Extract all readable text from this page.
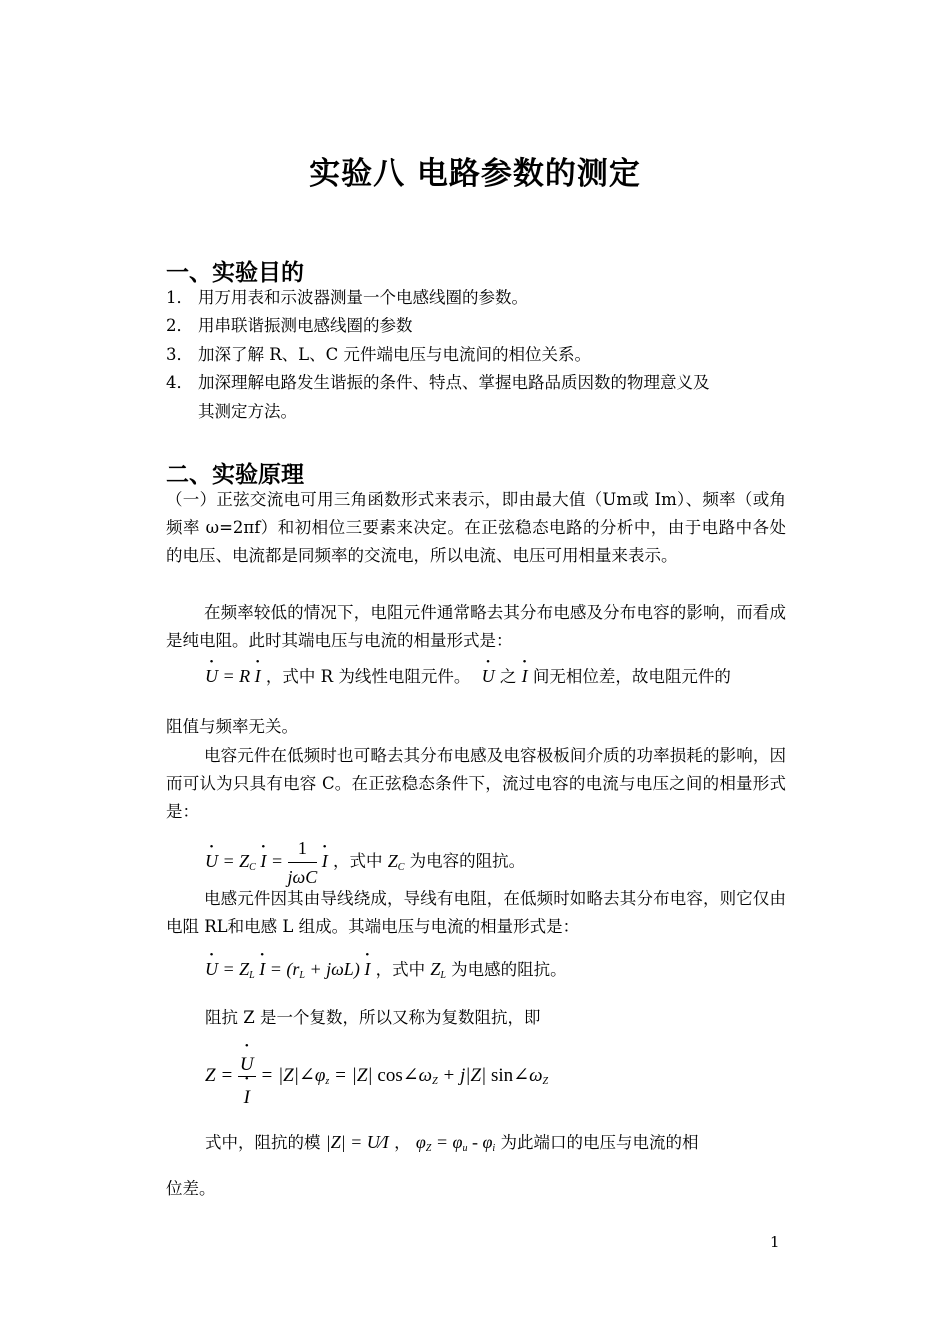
实验八 电路参数的测定
一、实验目的
1． 用万用表和示波器测量一个电感线圈的参数。
2． 用串联谐振测电感线圈的参数
3． 加深了解 R、L、C 元件端电压与电流间的相位关系。
4． 加深理解电路发生谐振的条件、特点、掌握电路品质因数的物理意义及
其测定方法。
二、实验原理
（一）正弦交流电可用三角函数形式来表示，即由最大值（Um或 Im）、频率（或角频率 ω=2πf）和初相位三要素来决定。在正弦稳态电路的分析中，由于电路中各处的电压、电流都是同频率的交流电，所以电流、电压可用相量来表示。
在频率较低的情况下，电阻元件通常略去其分布电感及分布电容的影响，而看成是纯电阻。此时其端电压与电流的相量形式是：
• U = R • I ，式中 R 为线性电阻元件。 • U 之 • I 间无相位差，故电阻元件的
阻值与频率无关。
电容元件在低频时也可略去其分布电感及电容极板间介质的功率损耗的影响，因而可认为只具有电容 C。在正弦稳态条件下，流过电容的电流与电压之间的相量形式是：
• $U = Z_C$ • $I = \frac{1}{\text{jωC}}$ • I ，式中 $Z_C$ 为电容的阻抗。
电感元件因其由导线绕成，导线有电阻，在低频时如略去其分布电容，则它仅由电阻 RL和电感 L 组成。其端电压与电流的相量形式是：
• $U = Z_L$ • $I = (r_L + j\omega L)$ • I ，式中 $Z_L$ 为电感的阻抗。
阻抗 Z 是一个复数，所以又称为复数阻抗，即
Z = • U
• $I = |Z|\angle\varphi_z = |Z|$ $\cos\angle\omega_Z + j|Z|$ $\sin\angle\omega_Z$
式中，阻抗的模 |Z| = U⁄I ， $\varphi_Z = \varphi_u - \varphi_i$ 为此端口的电压与电流的相
位差。
1
